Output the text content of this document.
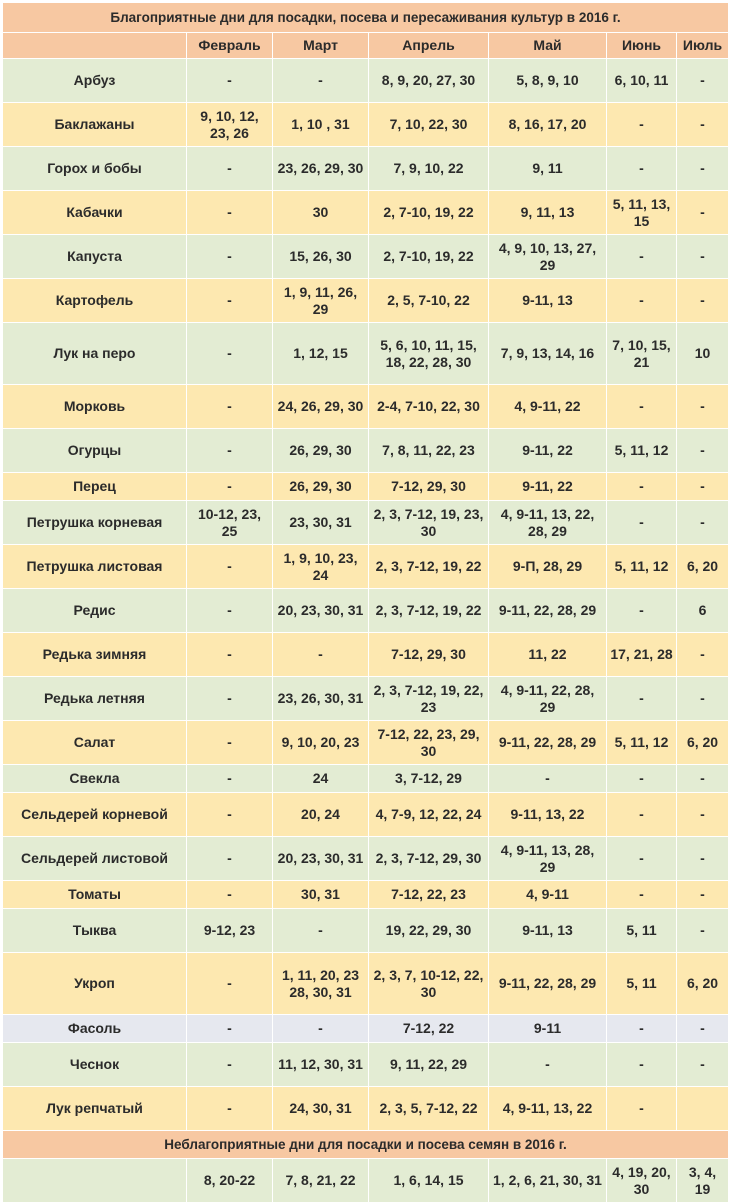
Благоприятные дни для посадки, посева и пересаживания культур в 2016 г.						
	Февраль	Март	Апрель	Май	Июнь	Июль
Арбуз	-	-	8, 9, 20, 27, 30	5, 8, 9, 10	6, 10, 11	-
Баклажаны	9, 10, 12, 23, 26	1, 10 , 31	7, 10, 22, 30	8, 16, 17, 20	-	-
Горох и бобы	-	23, 26, 29, 30	7, 9, 10, 22	9, 11	-	-
Кабачки	-	30	2, 7-10, 19, 22	9, 11, 13	5, 11, 13, 15	-
Капуста	-	15, 26, 30	2, 7-10, 19, 22	4, 9, 10, 13, 27, 29	-	-
Картофель	-	1, 9, 11, 26, 29	2, 5, 7-10, 22	9-11, 13	-	-
Лук на перо	-	1, 12, 15	5, 6, 10, 11, 15, 18, 22, 28, 30	7, 9, 13, 14, 16	7, 10, 15, 21	10
Морковь	-	24, 26, 29, 30	2-4, 7-10, 22, 30	4, 9-11, 22	-	-
Огурцы	-	26, 29, 30	7, 8, 11, 22, 23	9-11, 22	5, 11, 12	-
Перец	-	26, 29, 30	7-12, 29, 30	9-11, 22	-	-
Петрушка корневая	10-12, 23, 25	23, 30, 31	2, 3, 7-12, 19, 23, 30	4, 9-11, 13, 22, 28, 29	-	-
Петрушка листовая	-	1, 9, 10, 23, 24	2, 3, 7-12, 19, 22	9-П, 28, 29	5, 11, 12	6, 20
Редис	-	20, 23, 30, 31	2, 3, 7-12, 19, 22	9-11, 22, 28, 29	-	6
Редька зимняя	-	-	7-12, 29, 30	11, 22	17, 21, 28	-
Редька летняя	-	23, 26, 30, 31	2, 3, 7-12, 19, 22, 23	4, 9-11, 22, 28, 29	-	-
Салат	-	9, 10, 20, 23	7-12, 22, 23, 29, 30	9-11, 22, 28, 29	5, 11, 12	6, 20
Свекла	-	24	3, 7-12, 29	-	-	-
Сельдерей корневой	-	20, 24	4, 7-9, 12, 22, 24	9-11, 13, 22	-	-
Сельдерей листовой	-	20, 23, 30, 31	2, 3, 7-12, 29, 30	4, 9-11, 13, 28, 29	-	-
Томаты	-	30, 31	7-12, 22, 23	4, 9-11	-	-
Тыква	9-12, 23	-	19, 22, 29, 30	9-11, 13	5, 11	-
Укроп	-	1, 11, 20, 23 28, 30, 31	2, 3, 7, 10-12, 22, 30	9-11, 22, 28, 29	5, 11	6, 20
Фасоль	-	-	7-12, 22	9-11	-	-
Чеснок	-	11, 12, 30, 31	9, 11, 22, 29	-	-	-
Лук репчатый	-	24, 30, 31	2, 3, 5, 7-12, 22	4, 9-11, 13, 22	-	
Неблагоприятные дни для посадки и посева семян в 2016 г.						
	8, 20-22	7, 8, 21, 22	1, 6, 14, 15	1, 2, 6, 21, 30, 31	4, 19, 20, 30	3, 4, 19
